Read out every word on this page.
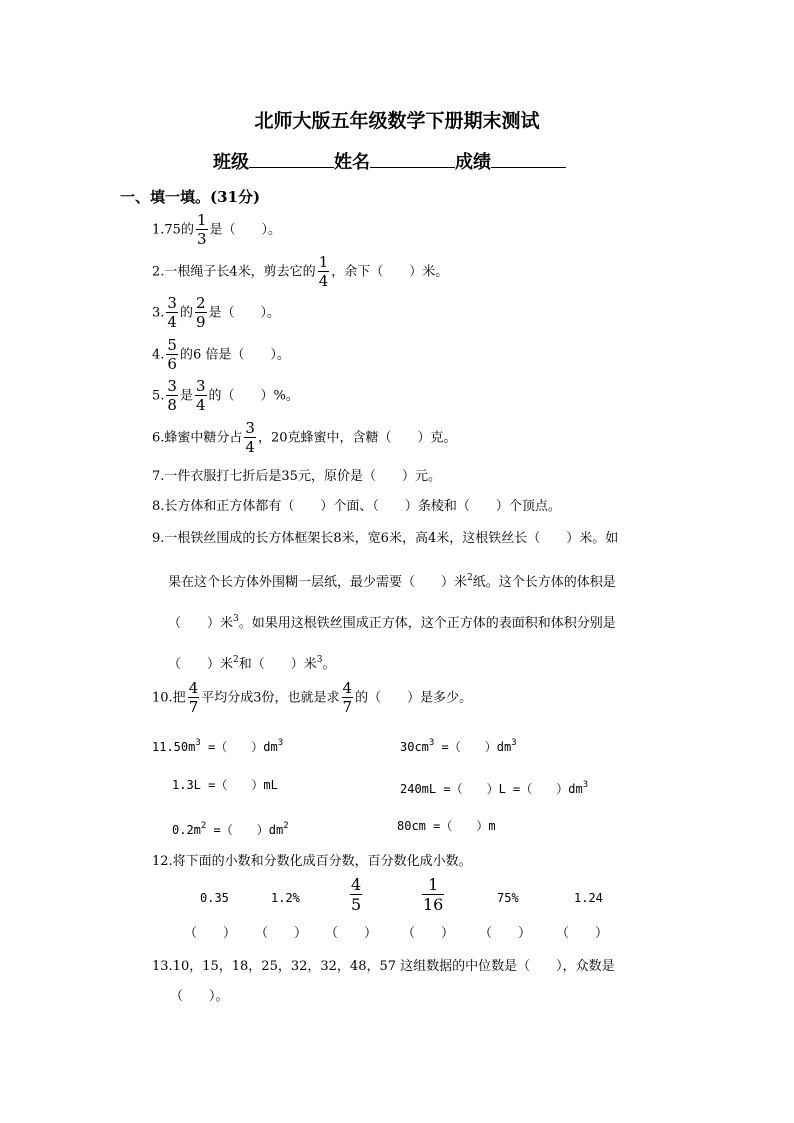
北师大版五年级数学下册期末测试
班级	姓名	成绩
一、填一填。(31分)
1.75的 $\frac{1}{3}$ 是（　　）。
2.一根绳子长4米，剪去它的 $\frac{1}{4}$ ，余下（　　）米。
3. $\frac{3}{4}$ 的 $\frac{2}{9}$ 是（　　）。
4. $\frac{5}{6}$ 的6 倍是（　　）。
5. $\frac{3}{8}$ 是 $\frac{3}{4}$ 的（　　）%。
6.蜂蜜中糖分占 $\frac{3}{4}$ ，20克蜂蜜中，含糖（　　）克。
7.一件衣服打七折后是35元，原价是（　　）元。
8.长方体和正方体都有（　　）个面、（　　）条棱和（　　）个顶点。
9.一根铁丝围成的长方体框架长8米，宽6米，高4米，这根铁丝长（　　）米。如
果在这个长方体外围糊一层纸，最少需要（　　）米$^2$纸。这个长方体的体积是
（　　）米$^3$。如果用这根铁丝围成正方体，这个正方体的表面积和体积分别是
（　　）米$^2$和（　　）米$^3$。
10.把 $\frac{4}{7}$ 平均分成3份，也就是求 $\frac{4}{7}$ 的（　　）是多少。
$11.50m^3$ =（　　）$dm^3$	$30cm^3$ =（　　）$dm^3$
1.3L =（　　）mL	240mL =（　　）L =（　　）$dm^3$
$0.2m^2$ =（　　）$dm^2$	80cm =（　　）m
12.将下面的小数和分数化成百分数，百分数化成小数。
0.35	1.2%	$\frac{4}{5}$	$\frac{1}{16}$	75%	1.24
（　　） （　　） （　　） （　　） （　　） （　　）
13.10，15，18，25，32，32，48，57 这组数据的中位数是（　　），众数是
（　　）。
